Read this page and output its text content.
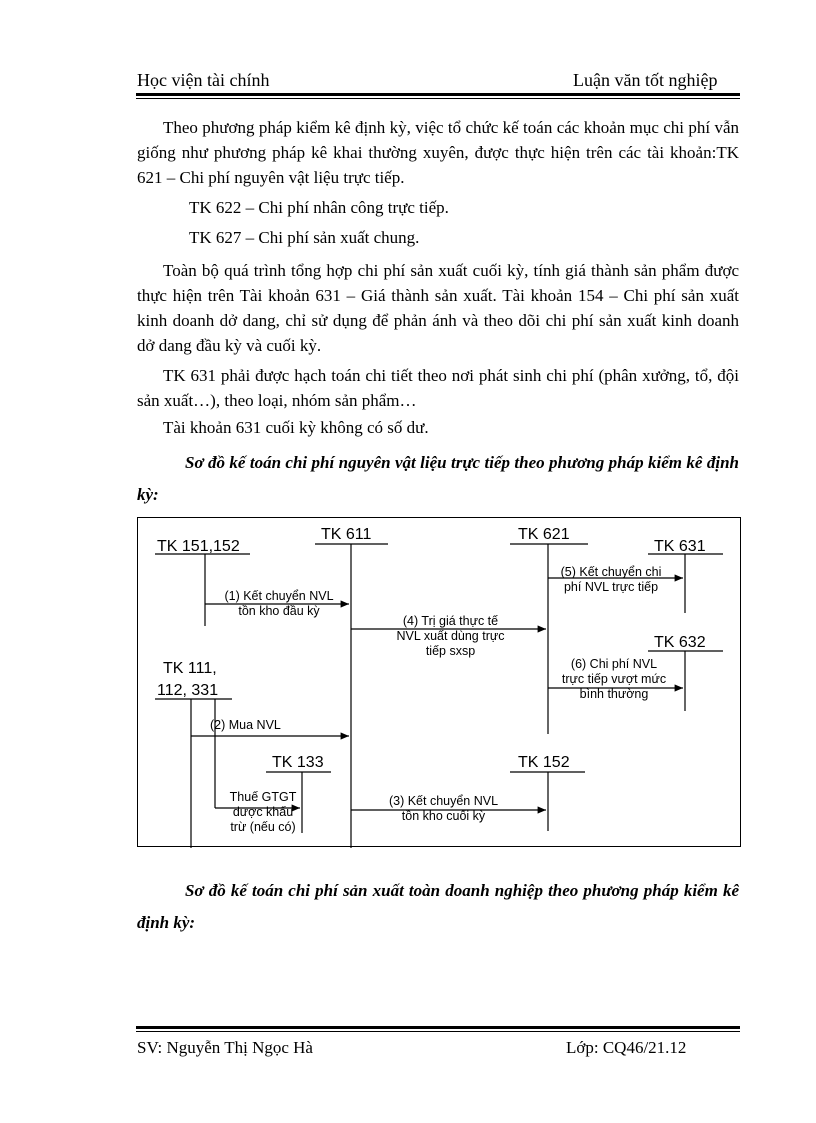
Học viện tài chính	Luận văn tốt nghiệp

Theo phương pháp kiểm kê định kỳ, việc tổ chức kế toán các khoản mục chi phí vẫn giống như phương pháp kê khai thường xuyên, được thực hiện trên các tài khoản:TK 621 – Chi phí nguyên vật liệu trực tiếp.

TK 622 – Chi phí nhân công trực tiếp.
TK 627 – Chi phí sản xuất chung.

Toàn bộ quá trình tổng hợp chi phí sản xuất cuối kỳ, tính giá thành sản phẩm được thực hiện trên Tài khoản 631 – Giá thành sản xuất. Tài khoản 154 – Chi phí sản xuất kinh doanh dở dang, chỉ sử dụng để phản ánh và theo dõi chi phí sản xuất kinh doanh dở dang đầu kỳ và cuối kỳ.

TK 631 phải được hạch toán chi tiết theo nơi phát sinh chi phí (phân xưởng, tổ, đội sản xuất…), theo loại, nhóm sản phẩm…

Tài khoản 631 cuối kỳ không có số dư.

Sơ đồ kế toán chi phí nguyên vật liệu trực tiếp theo phương pháp kiểm kê định kỳ:

TK 151,152
TK 611	TK 621
TK 631
TK 632
TK 111,
112, 331
TK 133	TK 152
(1) Kết chuyển NVL
tồn kho đầu kỳ
(4) Trị giá thực tế
NVL xuất dùng trực
tiếp sxsp
(5) Kết chuyển chi
phí NVL trực tiếp
(6) Chi phí NVL
trực tiếp vượt mức
bình thường
(2) Mua NVL
Thuế GTGT
được khấu
trừ (nếu có)
(3) Kết chuyển NVL
tồn kho cuối kỳ

Sơ đồ kế toán chi phí sản xuất toàn doanh nghiệp theo phương pháp kiểm kê định kỳ:

SV: Nguyễn Thị Ngọc Hà	Lớp: CQ46/21.12
